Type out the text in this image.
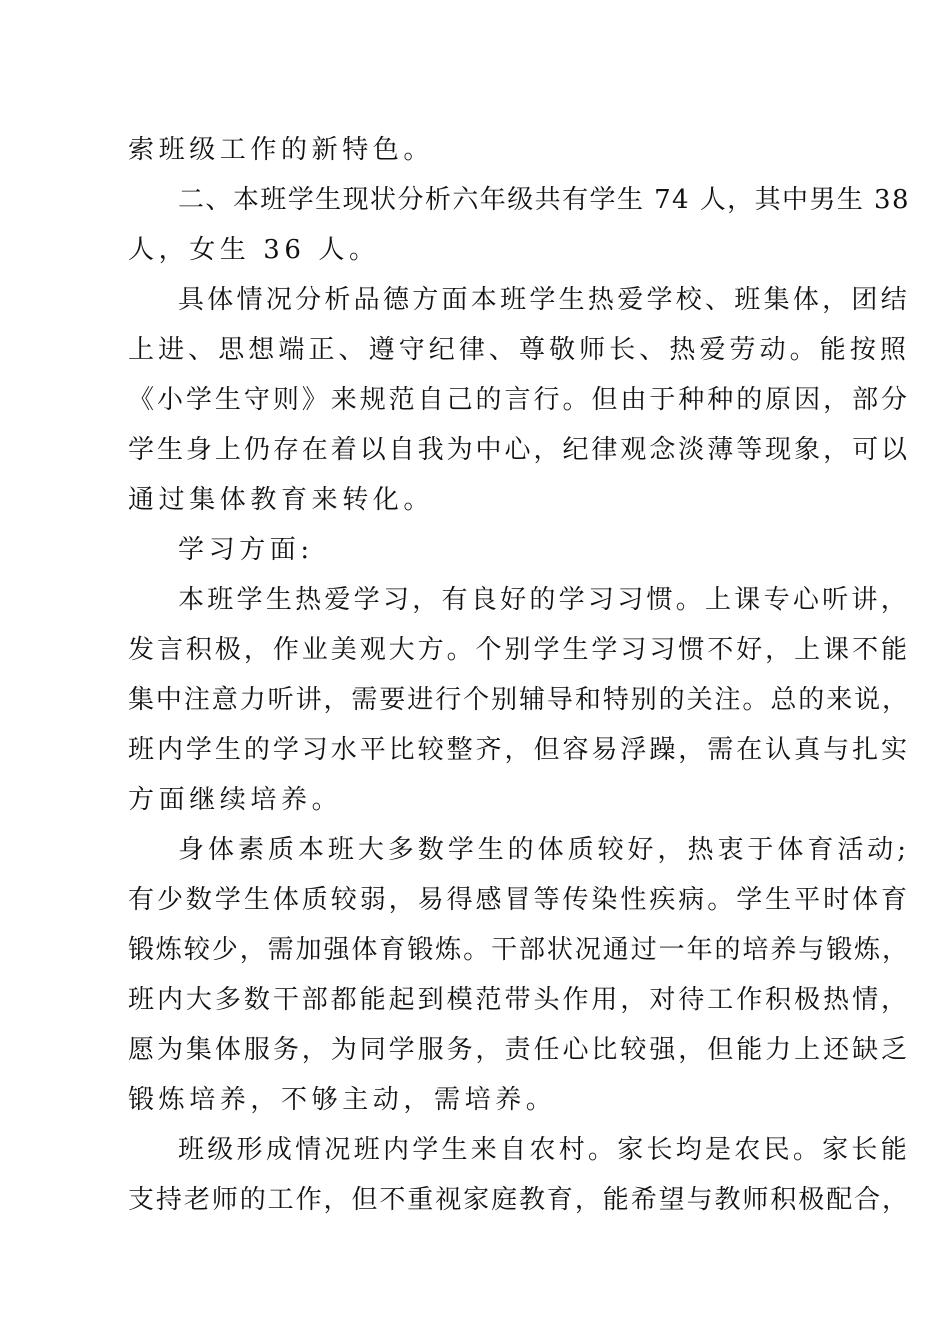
索班级工作的新特色。
二、本班学生现状分析六年级共有学生 74 人，其中男生 38
人，女生 36 人。
具体情况分析品德方面本班学生热爱学校、班集体，团结
上进、思想端正、遵守纪律、尊敬师长、热爱劳动。能按照
《小学生守则》来规范自己的言行。但由于种种的原因，部分
学生身上仍存在着以自我为中心，纪律观念淡薄等现象，可以
通过集体教育来转化。
学习方面:
本班学生热爱学习，有良好的学习习惯。上课专心听讲，
发言积极，作业美观大方。个别学生学习习惯不好，上课不能
集中注意力听讲，需要进行个别辅导和特别的关注。总的来说，
班内学生的学习水平比较整齐，但容易浮躁，需在认真与扎实
方面继续培养。
身体素质本班大多数学生的体质较好，热衷于体育活动;
有少数学生体质较弱，易得感冒等传染性疾病。学生平时体育
锻炼较少，需加强体育锻炼。干部状况通过一年的培养与锻炼，
班内大多数干部都能起到模范带头作用，对待工作积极热情，
愿为集体服务，为同学服务，责任心比较强，但能力上还缺乏
锻炼培养，不够主动，需培养。
班级形成情况班内学生来自农村。家长均是农民。家长能
支持老师的工作，但不重视家庭教育，能希望与教师积极配合，
